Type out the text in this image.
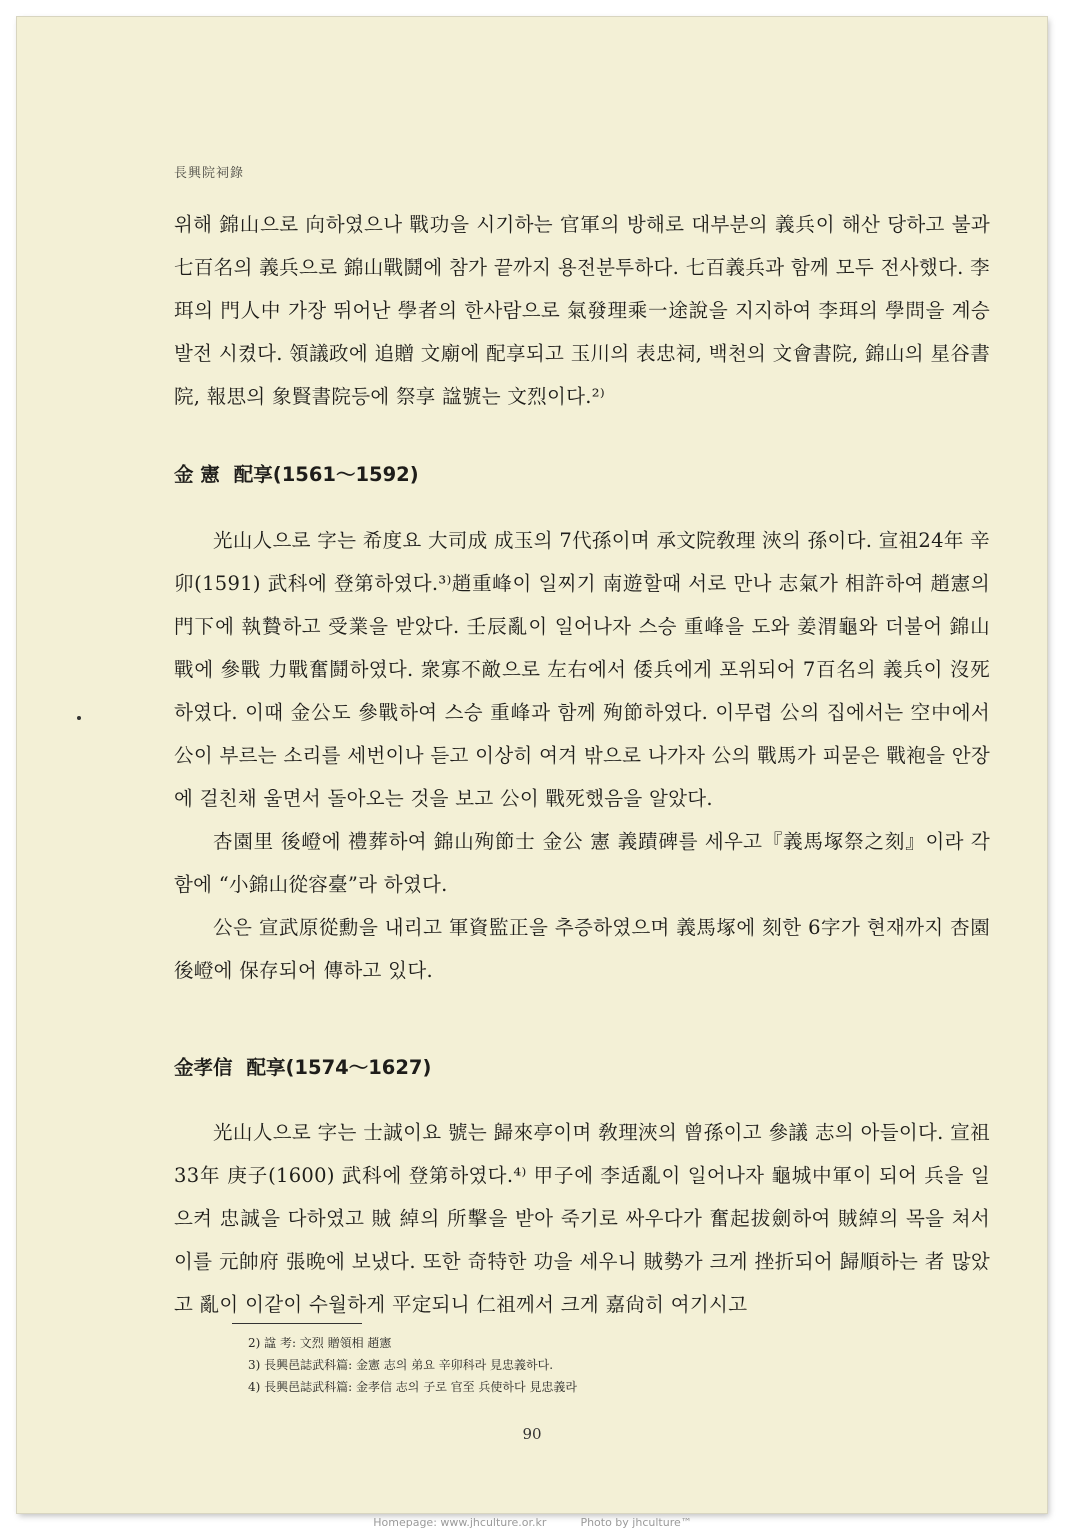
長興院祠錄

위해 錦山으로 向하였으나 戰功을 시기하는 官軍의 방해로 대부분의 義兵이 해산 당하고 불과 七百名의 義兵으로 錦山戰鬪에 참가 끝까지 용전분투하다. 七百義兵과 함께 모두 전사했다. 李珥의 門人中 가장 뛰어난 學者의 한사람으로 氣發理乘一途說을 지지하여 李珥의 學問을 계승발전 시켰다. 領議政에 追贈 文廟에 配享되고 玉川의 表忠祠, 백천의 文會書院, 錦山의 星谷書院, 報思의 象賢書院등에 祭享 諡號는 文烈이다.²⁾

金 憲 配享(1561～1592)

光山人으로 字는 希度요 大司成 成玉의 7代孫이며 承文院敎理 浹의 孫이다. 宣祖24年 辛卯(1591) 武科에 登第하였다.³⁾趙重峰이 일찌기 南遊할때 서로 만나 志氣가 相許하여 趙憲의 門下에 執贄하고 受業을 받았다. 壬辰亂이 일어나자 스승 重峰을 도와 姜渭龜와 더불어 錦山戰에 參戰 力戰奮鬪하였다. 衆寡不敵으로 左右에서 倭兵에게 포위되어 7百名의 義兵이 沒死하였다. 이때 金公도 參戰하여 스승 重峰과 함께 殉節하였다. 이무렵 公의 집에서는 空中에서 公이 부르는 소리를 세번이나 듣고 이상히 여겨 밖으로 나가자 公의 戰馬가 피묻은 戰袍을 안장에 걸친채 울면서 돌아오는 것을 보고 公이 戰死했음을 알았다.

杏園里 後嶝에 禮葬하여 錦山殉節士 金公 憲 義蹟碑를 세우고『義馬塚祭之刻』이라 각함에 “小錦山從容臺”라 하였다.

公은 宣武原從勳을 내리고 軍資監正을 추증하였으며 義馬塚에 刻한 6字가 현재까지 杏園後嶝에 保存되어 傳하고 있다.

金孝信 配享(1574～1627)

光山人으로 字는 士誠이요 號는 歸來亭이며 敎理浹의 曾孫이고 參議 志의 아들이다. 宣祖33年 庚子(1600) 武科에 登第하였다.⁴⁾ 甲子에 李适亂이 일어나자 龜城中軍이 되어 兵을 일으켜 忠誠을 다하였고 賊 綽의 所擊을 받아 죽기로 싸우다가 奮起拔劍하여 賊綽의 목을 쳐서 이를 元帥府 張晩에 보냈다. 또한 奇特한 功을 세우니 賊勢가 크게 挫折되어 歸順하는 者 많았고 亂이 이같이 수월하게 平定되니 仁祖께서 크게 嘉尙히 여기시고

2) 諡 考: 文烈 贈領相 趙憲
3) 長興邑誌武科篇: 金憲 志의 弟요 辛卯科라 見忠義하다.
4) 長興邑誌武科篇: 金孝信 志의 子로 官至 兵使하다 見忠義라
90
Homepage: www.jhculture.or.kr	Photo by jhculture™
